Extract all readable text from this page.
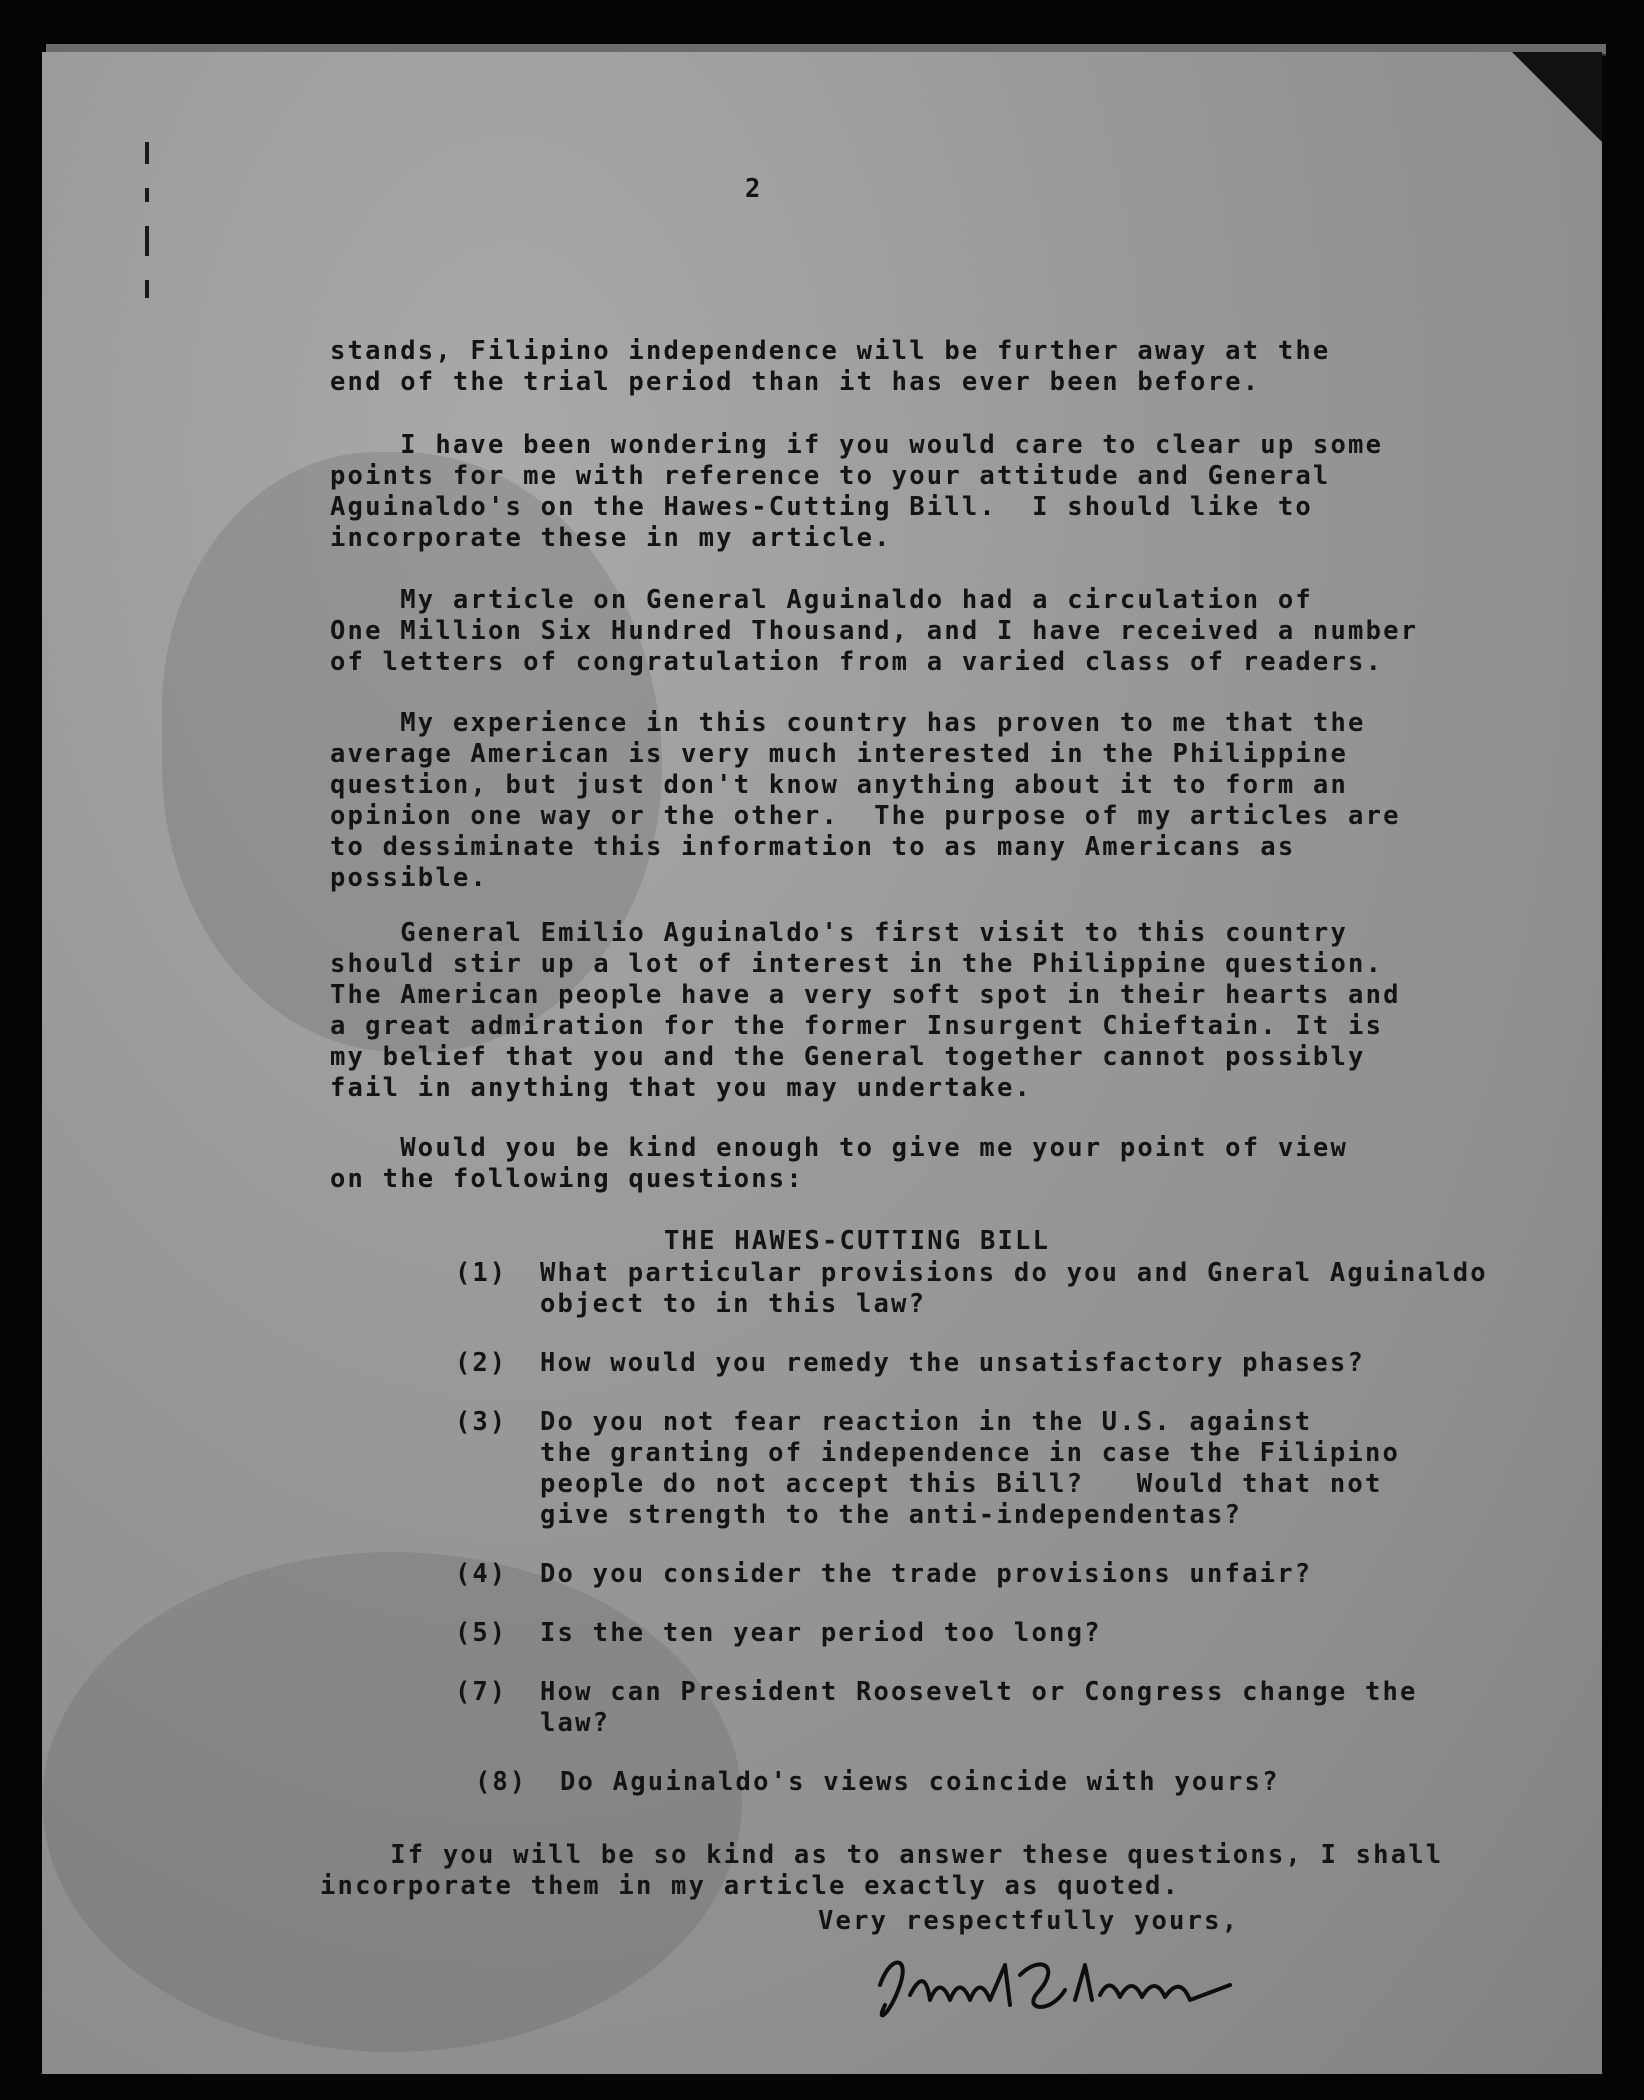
2
stands, Filipino independence will be further away at the
end of the trial period than it has ever been before.
I have been wondering if you would care to clear up some
points for me with reference to your attitude and General
Aguinaldo's on the Hawes-Cutting Bill.  I should like to
incorporate these in my article.
My article on General Aguinaldo had a circulation of
One Million Six Hundred Thousand, and I have received a number
of letters of congratulation from a varied class of readers.
My experience in this country has proven to me that the
average American is very much interested in the Philippine
question, but just don't know anything about it to form an
opinion one way or the other.  The purpose of my articles are
to dessiminate this information to as many Americans as
possible.
General Emilio Aguinaldo's first visit to this country
should stir up a lot of interest in the Philippine question.
The American people have a very soft spot in their hearts and
a great admiration for the former Insurgent Chieftain. It is
my belief that you and the General together cannot possibly
fail in anything that you may undertake.
Would you be kind enough to give me your point of view
on the following questions:
THE HAWES-CUTTING BILL
(1)	What particular provisions do you and Gneral Aguinaldo
object to in this law?
(2)	How would you remedy the unsatisfactory phases?
(3)	Do you not fear reaction in the U.S. against
the granting of independence in case the Filipino
people do not accept this Bill?   Would that not
give strength to the anti-independentas?
(4)	Do you consider the trade provisions unfair?
(5)	Is the ten year period too long?
(7)	How can President Roosevelt or Congress change the
law?
(8)	Do Aguinaldo's views coincide with yours?
If you will be so kind as to answer these questions, I shall
incorporate them in my article exactly as quoted.
Very respectfully yours,
